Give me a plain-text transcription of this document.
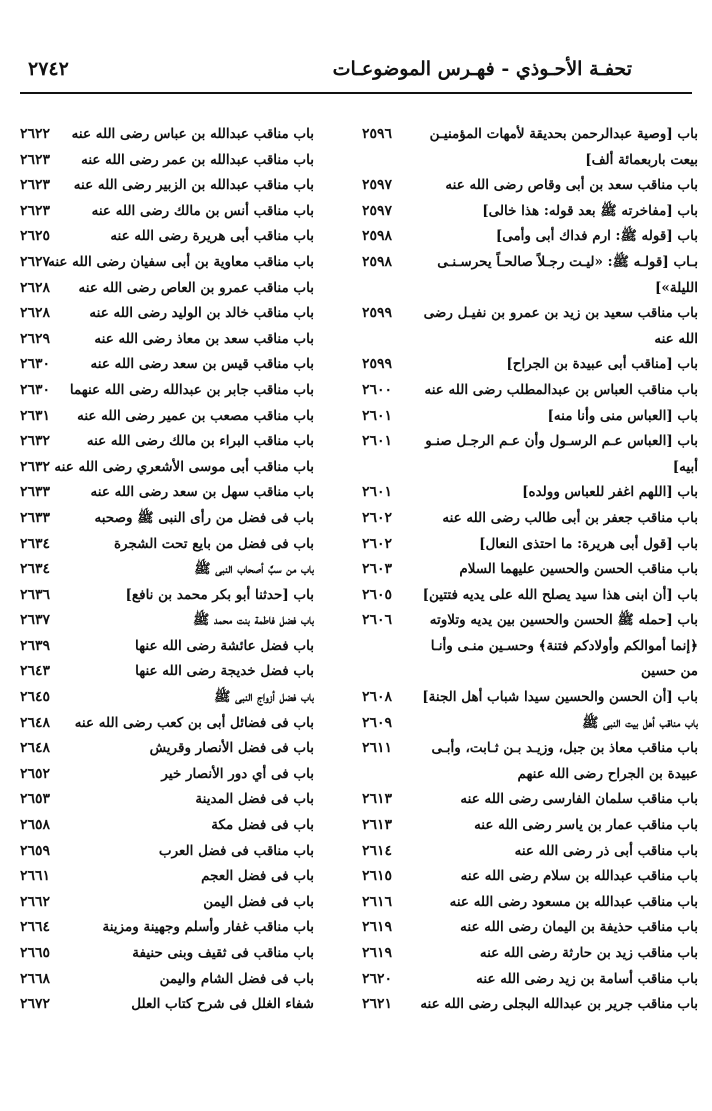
٢٧٤٢	تحفـة الأحـوذي - فهـرس الموضوعـات
باب [وصية عبدالرحمن بحديقة لأمهات المؤمنيـن
٢٥٩٦
بيعت باربعمائة ألف]
باب مناقب سعد بن أبى وقاص رضى الله عنه
٢٥٩٧
باب [مفاخرته ﷺ بعد قوله: هذا خالى]
٢٥٩٧
باب [قوله ﷺ: ارم فداك أبى وأمى]
٢٥٩٨
بـاب [قولـه ﷺ: «ليـت رجـلاً صالحـاً يحرسـنـى
٢٥٩٨
الليلة»]
باب مناقب سعيد بن زيد بن عمرو بن نفيـل رضى
٢٥٩٩
الله عنه
باب [مناقب أبى عبيدة بن الجراح]
٢٥٩٩
باب مناقب العباس بن عبدالمطلب رضى الله عنه
٢٦٠٠
باب [العباس منى وأنا منه]
٢٦٠١
باب [العباس عـم الرسـول وأن عـم الرجـل صنـو
٢٦٠١
أبيه]
باب [اللهم اغفر للعباس وولده]
٢٦٠١
باب مناقب جعفر بن أبى طالب رضى الله عنه
٢٦٠٢
باب [قول أبى هريرة: ما احتذى النعال]
٢٦٠٢
باب مناقب الحسن والحسين عليهما السلام
٢٦٠٣
باب [أن ابنى هذا سيد يصلح الله على يديه فتتين]
٢٦٠٥
باب [حمله ﷺ الحسن والحسين بين يديه وتلاوته
٢٦٠٦
﴿إنما أموالكم وأولادكم فتنة﴾ وحسـين منـى وأنـا
من حسين
باب [أن الحسن والحسين سيدا شباب أهل الجنة]
٢٦٠٨
باب مناقب أهل بيت النبى ﷺ
٢٦٠٩
باب مناقب معاذ بن جبل، وزيـد بـن ثـابت، وأبـى
٢٦١١
عبيدة بن الجراح رضى الله عنهم
باب مناقب سلمان الفارسى رضى الله عنه
٢٦١٣
باب مناقب عمار بن ياسر رضى الله عنه
٢٦١٣
باب مناقب أبى ذر رضى الله عنه
٢٦١٤
باب مناقب عبدالله بن سلام رضى الله عنه
٢٦١٥
باب مناقب عبدالله بن مسعود رضى الله عنه
٢٦١٦
باب مناقب حذيفة بن اليمان رضى الله عنه
٢٦١٩
باب مناقب زيد بن حارثة رضى الله عنه
٢٦١٩
باب مناقب أسامة بن زيد رضى الله عنه
٢٦٢٠
باب مناقب جرير بن عبدالله البجلى رضى الله عنه
٢٦٢١
باب مناقب عبدالله بن عباس رضى الله عنه
٢٦٢٢
باب مناقب عبدالله بن عمر رضى الله عنه
٢٦٢٣
باب مناقب عبدالله بن الزبير رضى الله عنه
٢٦٢٣
باب مناقب أنس بن مالك رضى الله عنه
٢٦٢٣
باب مناقب أبى هريرة رضى الله عنه
٢٦٢٥
باب مناقب معاوية بن أبى سفيان رضى الله عنه
٢٦٢٧
باب مناقب عمرو بن العاص رضى الله عنه
٢٦٢٨
باب مناقب خالد بن الوليد رضى الله عنه
٢٦٢٨
باب مناقب سعد بن معاذ رضى الله عنه
٢٦٢٩
باب مناقب قيس بن سعد رضى الله عنه
٢٦٣٠
باب مناقب جابر بن عبدالله رضى الله عنهما
٢٦٣٠
باب مناقب مصعب بن عمير رضى الله عنه
٢٦٣١
باب مناقب البراء بن مالك رضى الله عنه
٢٦٣٢
باب مناقب أبى موسى الأشعري رضى الله عنه
٢٦٣٢
باب مناقب سهل بن سعد رضى الله عنه
٢٦٣٣
باب فى فضل من رأى النبى ﷺ وصحبه
٢٦٣٣
باب فى فضل من بايع تحت الشجرة
٢٦٣٤
باب من سبَّ أصحاب النبى ﷺ
٢٦٣٤
باب [حدثنا أبو بكر محمد بن نافع]
٢٦٣٦
باب فضل فاطمة بنت محمد ﷺ
٢٦٣٧
باب فضل عائشة رضى الله عنها
٢٦٣٩
باب فضل خديجة رضى الله عنها
٢٦٤٣
باب فضل أزواج النبى ﷺ
٢٦٤٥
باب فى فضائل أبى بن كعب رضى الله عنه
٢٦٤٨
باب فى فضل الأنصار وقريش
٢٦٤٨
باب فى أي دور الأنصار خير
٢٦٥٢
باب فى فضل المدينة
٢٦٥٣
باب فى فضل مكة
٢٦٥٨
باب مناقب فى فضل العرب
٢٦٥٩
باب فى فضل العجم
٢٦٦١
باب فى فضل اليمن
٢٦٦٢
باب مناقب غفار وأسلم وجهينة ومزينة
٢٦٦٤
باب مناقب فى ثقيف وبنى حنيفة
٢٦٦٥
باب فى فضل الشام واليمن
٢٦٦٨
شفاء الغلل فى شرح كتاب العلل
٢٦٧٢
